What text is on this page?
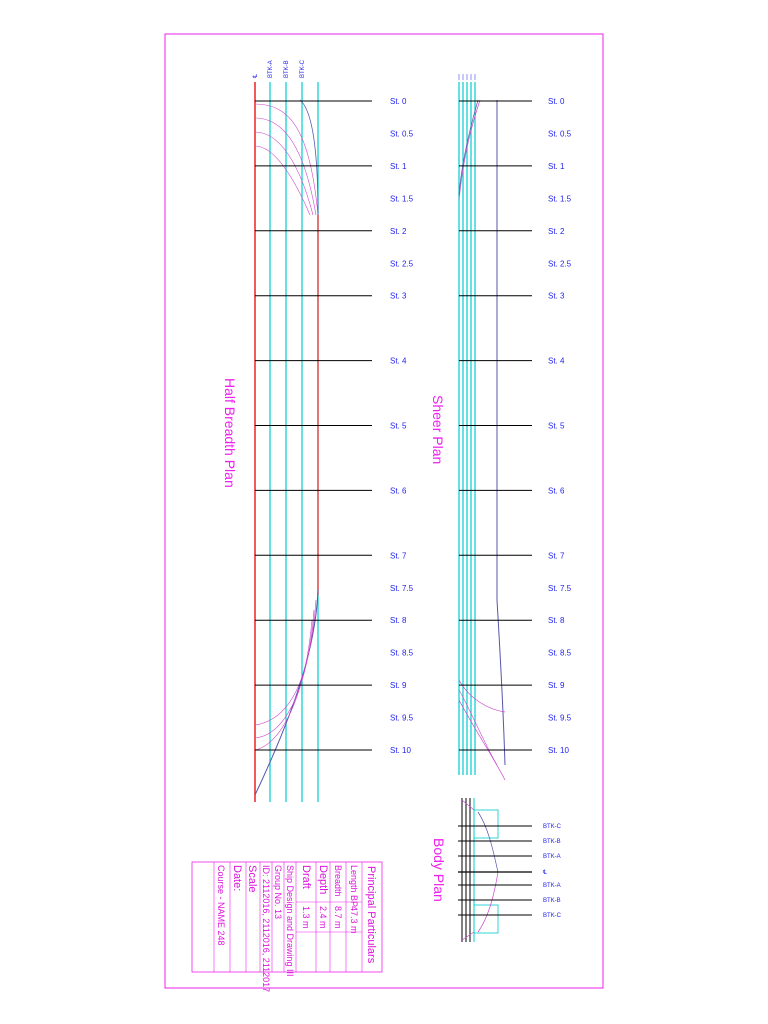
℄ BTK-A BTK-B BTK-C
Half Breadth Plan	Sheer Plan
St. 0	St. 0
St. 0.5	St. 0.5
St. 1	St. 1
St. 1.5	St. 1.5
St. 2	St. 2
St. 2.5	St. 2.5
St. 3	St. 3
St. 4	St. 4
St. 5	St. 5
St. 6	St. 6
St. 7	St. 7
St. 7.5	St. 7.5
St. 8	St. 8
St. 8.5	St. 8.5
St. 9	St. 9
St. 9.5	St. 9.5
St. 10	St. 10
BTK-C
BTK-B
BTK-A
℄
BTK-A
BTK-B
BTK-C
Body Plan
Principal Particulars
Length BP
47.3 m
Breadth
8.7 m
Depth
2.4 m
Draft
1.3 m
Ship Design and Drawing III
Group No. 13
ID: 2112016, 2112016, 2112017
Scale
Date:
Course - NAME 248
